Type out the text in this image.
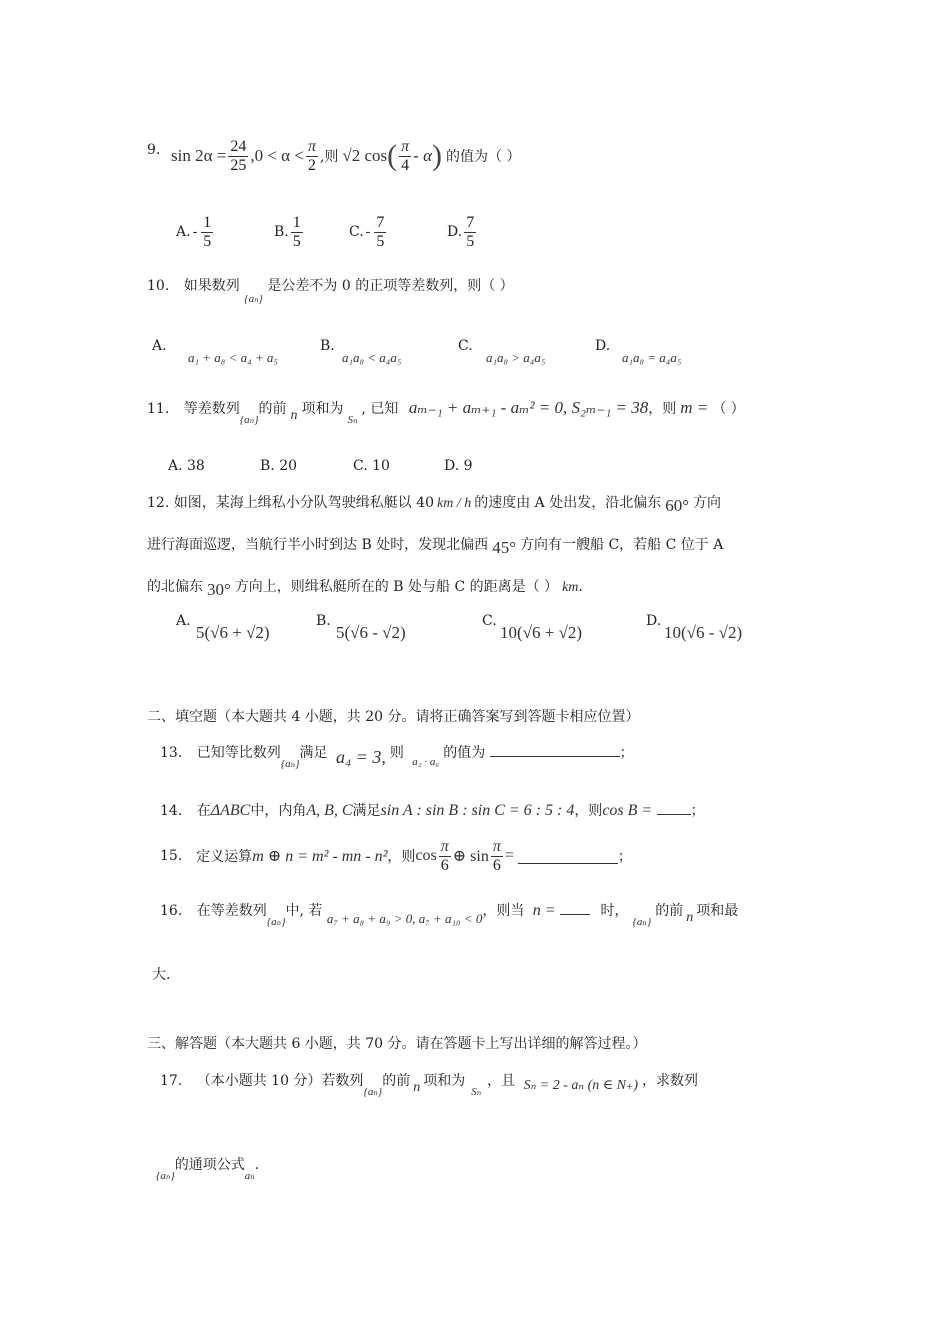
9. $\sin 2\alpha = \frac{24}{25} ,0 < \alpha < \frac{\pi}{2}$ ,则 √2 cos ( $\frac{\pi}{4}$ - α ) 的值为（ ）
A. - $\frac{1}{5}$	B. $\frac{1}{5}$	C. - $\frac{7}{5}$	D. $\frac{7}{5}$
10. 如果数列 $_{\{a_n\}}$ 是公差不为 0 的正项等差数列，则（ ）
A.
a₁ + a₈ < a₄ + a₅
B.
a₁a₈ < a₄a₅
C.
a₁a₈ > a₄a₅
D.
a₁a₈ = a₄a₅
11. 等差数列$_{\{a_n\}}$的前 n 项和为$_{S_n}$, 已知 aₘ₋₁ + aₘ₊₁ - aₘ² = 0, S₂ₘ₋₁ = 38，则 m = （ ）
A. 38	B. 20	C. 10	D. 9
12. 如图，某海上缉私小分队驾驶缉私艇以 40 km / h 的速度由 A 处出发，沿北偏东 60° 方向
进行海面巡逻，当航行半小时到达 B 处时，发现北偏西 45° 方向有一艘船 C，若船 C 位于 A
的北偏东 30° 方向上，则缉私艇所在的 B 处与船 C 的距离是（ ） km.
A.
5(√6 + √2)
B.
5(√6 - √2)
C.
10(√6 + √2)
D.
10(√6 - √2)
二、填空题（本大题共 4 小题，共 20 分。请将正确答案写到答题卡相应位置）
13. 已知等比数列$_{\{a_n\}}$满足 a₄ = 3, 则 $_{a_2 \cdot a_6}$的值为	；
14. 在ΔABC中，内角A, B, C满足sin A : sin B : sin C = 6 : 5 : 4，则cos B =	；
15. 定义运算 m ⊕ n = m² - mn - n² ，则 $\cos \frac{\pi}{6}$ ⊕ $\sin \frac{\pi}{6}$ =	；
16. 在等差数列$_{\{a_n\}}$中, 若 a₇ + a₈ + a₉ > 0, a₇ + a₁₀ < 0，则当 n =	时，$_{\{a_n\}}$的前 n 项和最
大.
三、解答题（本大题共 6 小题，共 70 分。请在答题卡上写出详细的解答过程。）
17. （本小题共 10 分）若数列$_{\{a_n\}}$的前 n 项和为$_{S_n}$，且 Sₙ = 2 - aₙ (n ∈ N₊) ，求数列
$_{\{a_n\}}$的通项公式$_{a_n}$.
